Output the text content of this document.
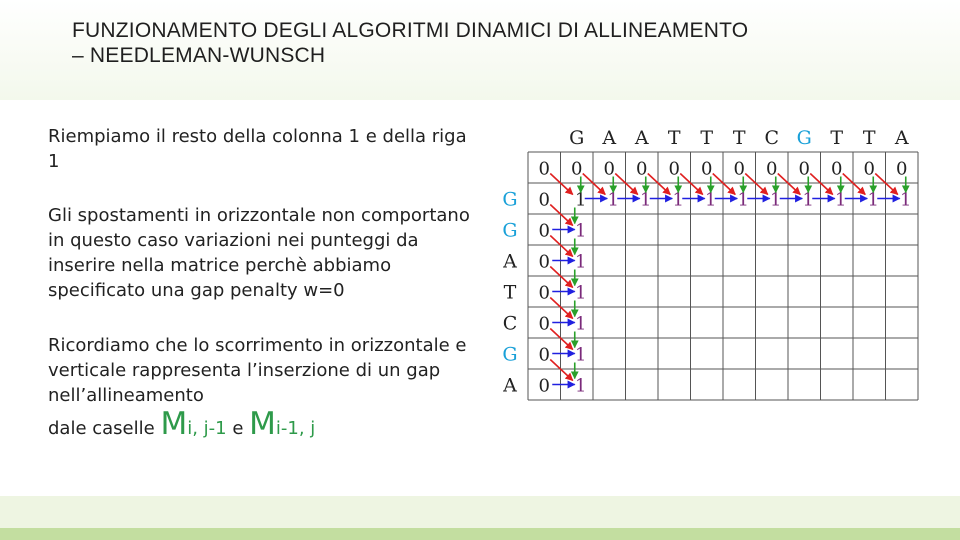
FUNZIONAMENTO DEGLI ALGORITMI DINAMICI DI ALLINEAMENTO
– NEEDLEMAN-WUNSCH
Riempiamo il resto della colonna 1 e della riga 1
Gli spostamenti in orizzontale non comportano in questo caso variazioni nei punteggi da inserire nella matrice perchè abbiamo specificato una gap penalty w=0
Ricordiamo che lo scorrimento in orizzontale e verticale rappresenta l’inserzione di un gap nell’allineamento
dale caselle Mi, j-1 e Mi-1, j
G A A T T T C G T T A
G
G
A
T
C
G
A
0 0 0 0 0 0 0 0 0 0 0 0
0
0
0
0
0
0
0
1 1 1 1 1 1 1 1 1 1 1
1
1
1
1
1
1
